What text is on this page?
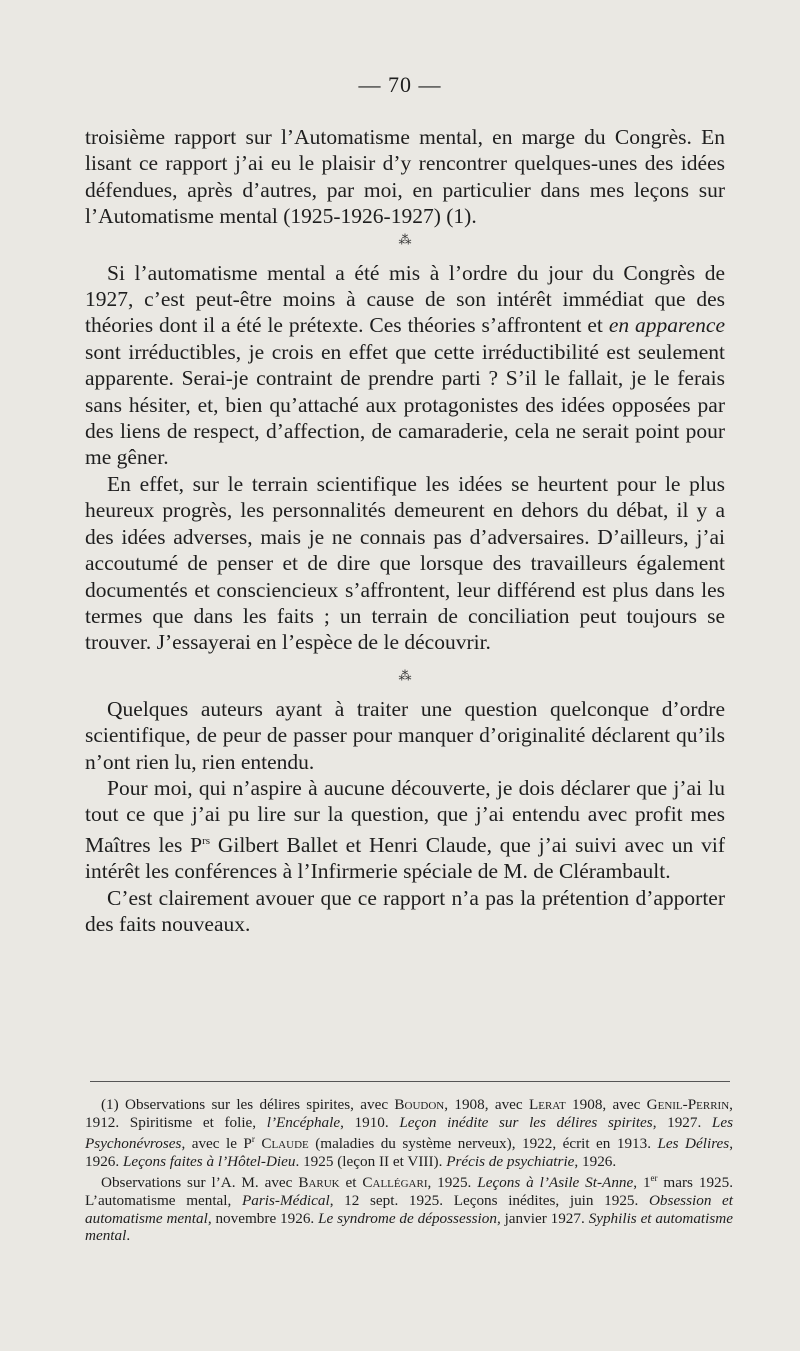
— 70 —

troisième rapport sur l’Automatisme mental, en marge du Congrès. En lisant ce rapport j’ai eu le plaisir d’y rencontrer quelques-unes des idées défendues, après d’autres, par moi, en particulier dans mes leçons sur l’Automatisme mental (1925-1926-1927) (1).

⁂

Si l’automatisme mental a été mis à l’ordre du jour du Congrès de 1927, c’est peut-être moins à cause de son intérêt immédiat que des théories dont il a été le prétexte. Ces théories s’affrontent et en apparence sont irréductibles, je crois en effet que cette irréductibilité est seulement apparente. Serai-je contraint de prendre parti ? S’il le fallait, je le ferais sans hésiter, et, bien qu’attaché aux protagonistes des idées opposées par des liens de respect, d’affection, de camaraderie, cela ne serait point pour me gêner.

En effet, sur le terrain scientifique les idées se heurtent pour le plus heureux progrès, les personnalités demeurent en dehors du débat, il y a des idées adverses, mais je ne connais pas d’adversaires. D’ailleurs, j’ai accoutumé de penser et de dire que lorsque des travailleurs également documentés et consciencieux s’affrontent, leur différend est plus dans les termes que dans les faits ; un terrain de conciliation peut toujours se trouver. J’essayerai en l’espèce de le découvrir.

⁂

Quelques auteurs ayant à traiter une question quelconque d’ordre scientifique, de peur de passer pour manquer d’originalité déclarent qu’ils n’ont rien lu, rien entendu.

Pour moi, qui n’aspire à aucune découverte, je dois déclarer que j’ai lu tout ce que j’ai pu lire sur la question, que j’ai entendu avec profit mes Maîtres les $P^{rs}$ Gilbert Ballet et Henri Claude, que j’ai suivi avec un vif intérêt les conférences à l’Infirmerie spéciale de M. de Clérambault.

C’est clairement avouer que ce rapport n’a pas la prétention d’apporter des faits nouveaux.

(1) Observations sur les délires spirites, avec Boudon, 1908, avec Lerat 1908, avec Genil-Perrin, 1912. Spiritisme et folie, l’Encéphale, 1910. Leçon inédite sur les délires spirites, 1927. Les Psychonévroses, avec le $P^r$ Claude (maladies du système nerveux), 1922, écrit en 1913. Les Délires, 1926. Leçons faites à l’Hôtel-Dieu. 1925 (leçon II et VIII). Précis de psychiatrie, 1926.

Observations sur l’A. M. avec Baruk et Callégari, 1925. Leçons à l’Asile St-Anne, 1er mars 1925. L’automatisme mental, Paris-Médical, 12 sept. 1925. Leçons inédites, juin 1925. Obsession et automatisme mental, novembre 1926. Le syndrome de dépossession, janvier 1927. Syphilis et automatisme mental.
